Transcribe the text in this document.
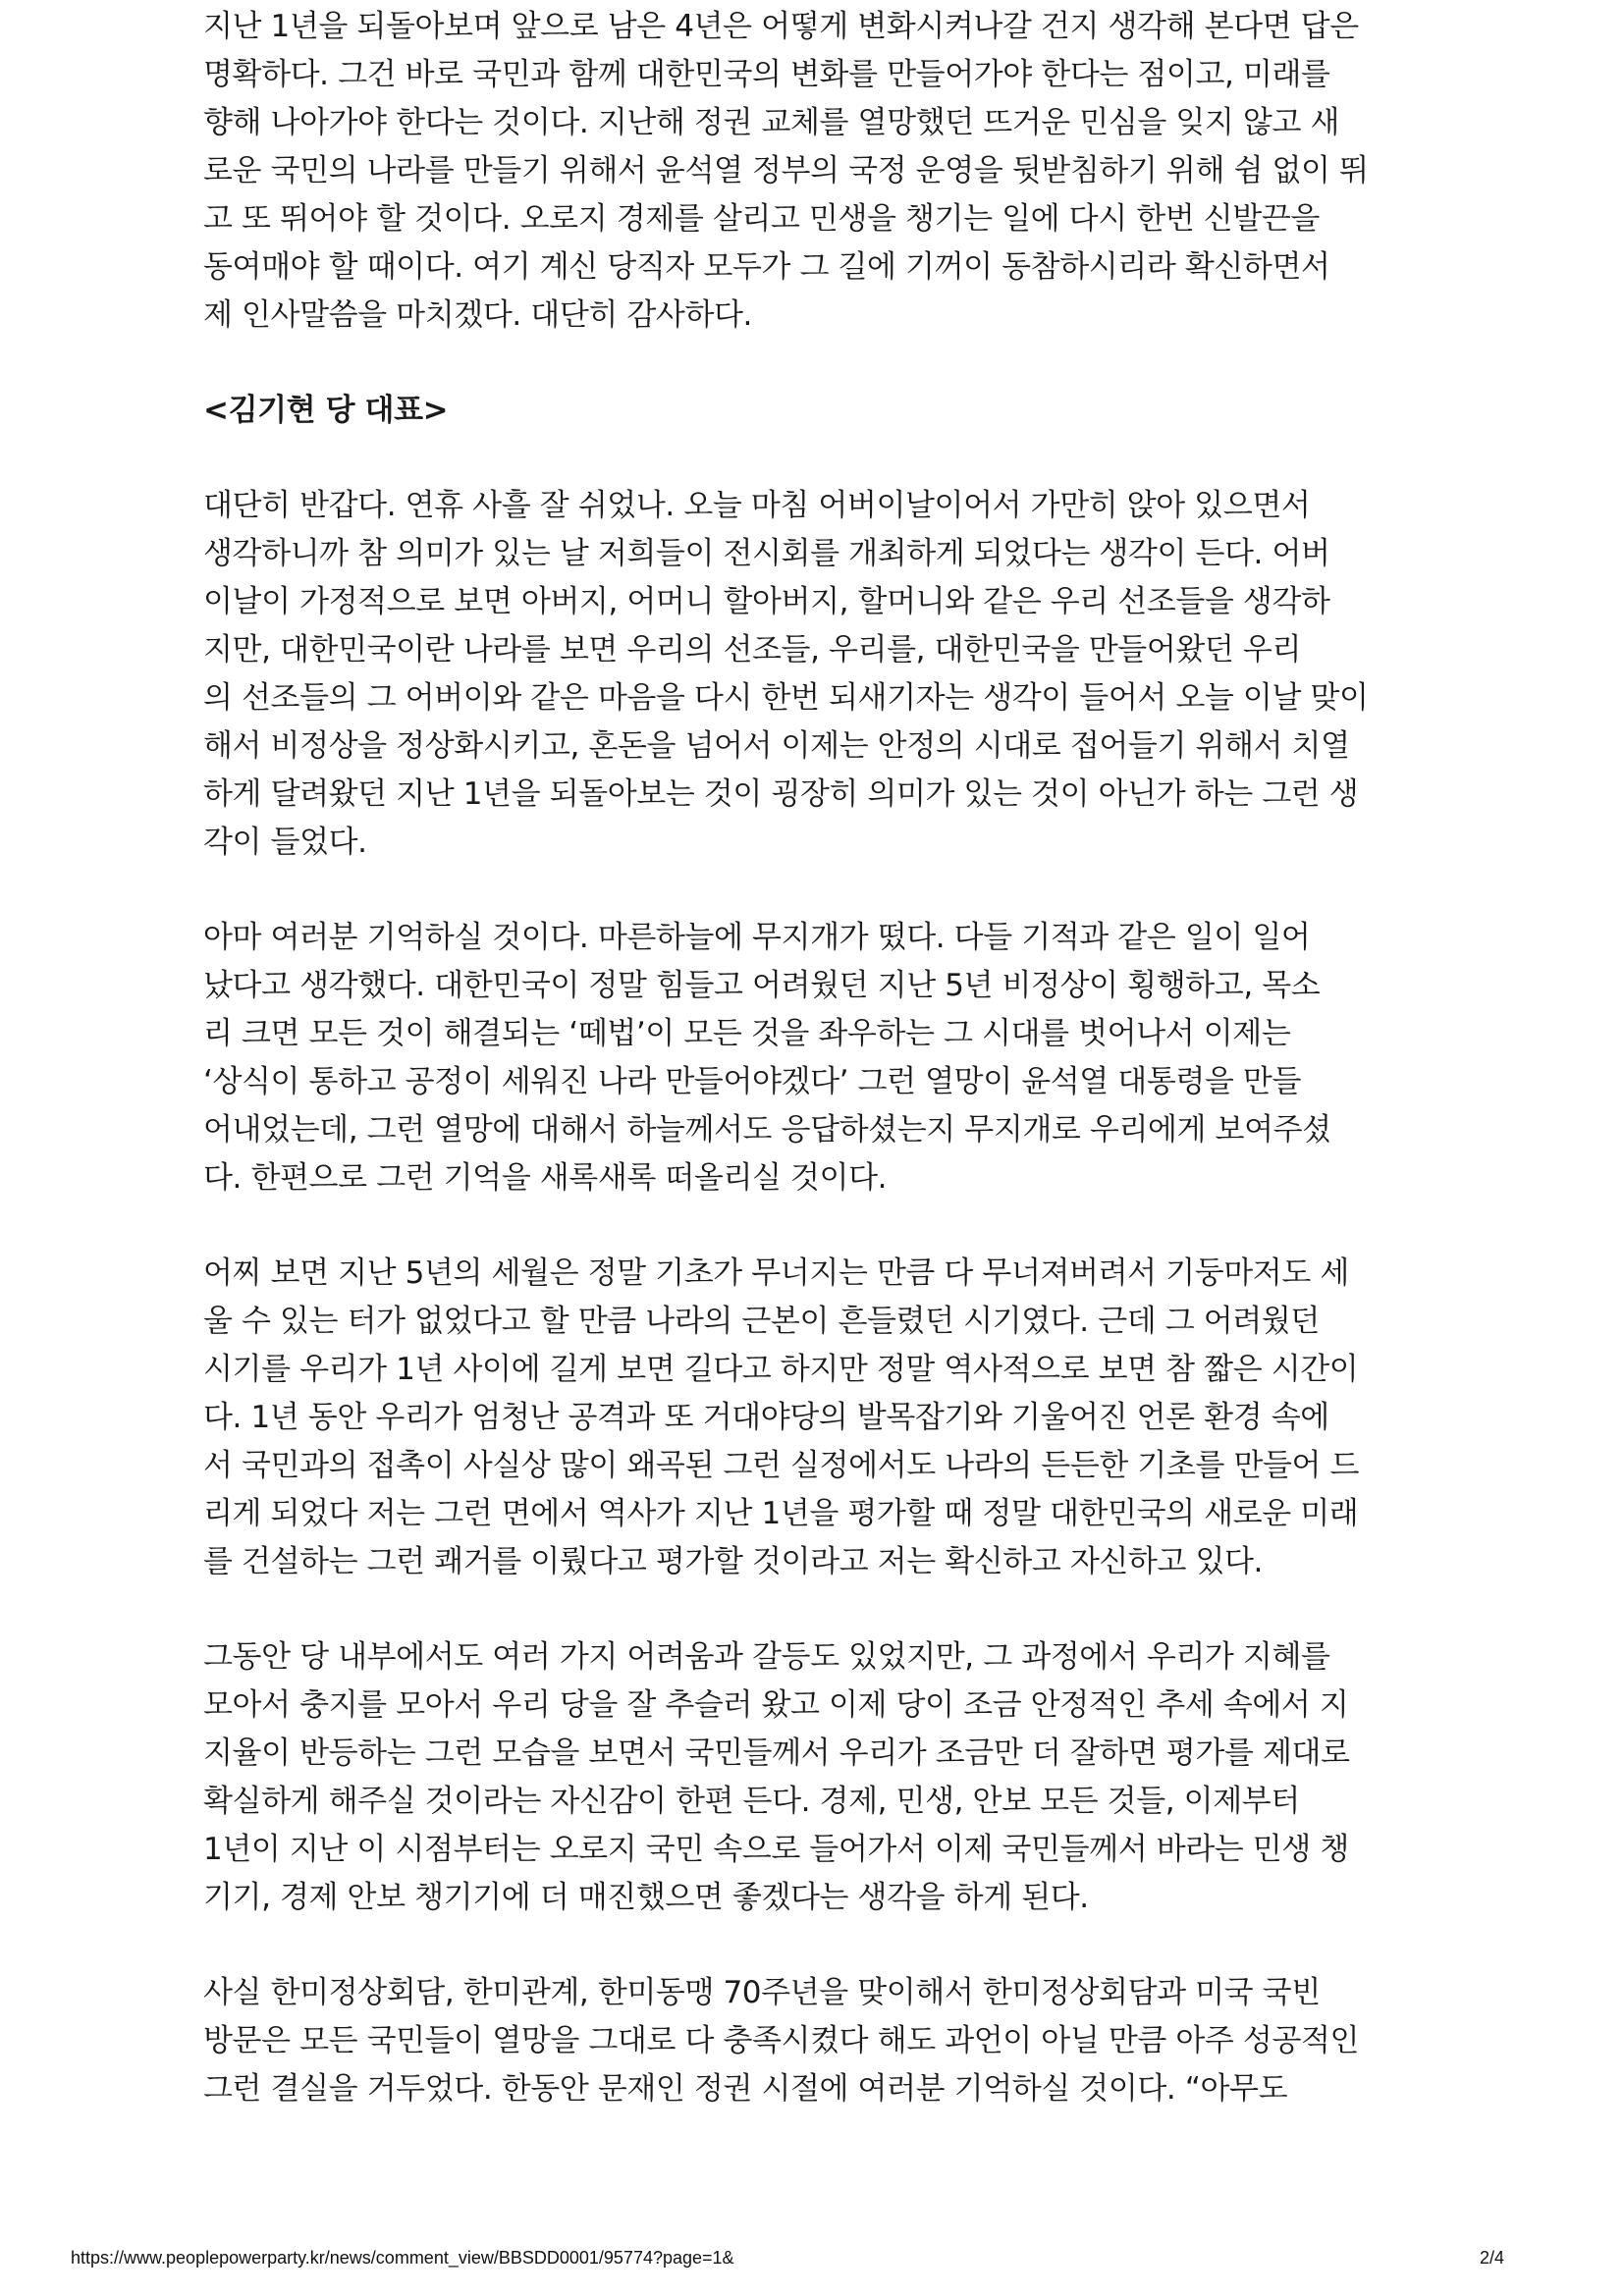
지난 1년을 되돌아보며 앞으로 남은 4년은 어떻게 변화시켜나갈 건지 생각해 본다면 답은
명확하다. 그건 바로 국민과 함께 대한민국의 변화를 만들어가야 한다는 점이고, 미래를
향해 나아가야 한다는 것이다. 지난해 정권 교체를 열망했던 뜨거운 민심을 잊지 않고 새
로운 국민의 나라를 만들기 위해서 윤석열 정부의 국정 운영을 뒷받침하기 위해 쉼 없이 뛰
고 또 뛰어야 할 것이다. 오로지 경제를 살리고 민생을 챙기는 일에 다시 한번 신발끈을
동여매야 할 때이다. 여기 계신 당직자 모두가 그 길에 기꺼이 동참하시리라 확신하면서
제 인사말씀을 마치겠다. 대단히 감사하다.
<김기현 당 대표>
대단히 반갑다. 연휴 사흘 잘 쉬었나. 오늘 마침 어버이날이어서 가만히 앉아 있으면서
생각하니까 참 의미가 있는 날 저희들이 전시회를 개최하게 되었다는 생각이 든다. 어버
이날이 가정적으로 보면 아버지, 어머니 할아버지, 할머니와 같은 우리 선조들을 생각하
지만, 대한민국이란 나라를 보면 우리의 선조들, 우리를, 대한민국을 만들어왔던 우리
의 선조들의 그 어버이와 같은 마음을 다시 한번 되새기자는 생각이 들어서 오늘 이날 맞이
해서 비정상을 정상화시키고, 혼돈을 넘어서 이제는 안정의 시대로 접어들기 위해서 치열
하게 달려왔던 지난 1년을 되돌아보는 것이 굉장히 의미가 있는 것이 아닌가 하는 그런 생
각이 들었다.
아마 여러분 기억하실 것이다. 마른하늘에 무지개가 떴다. 다들 기적과 같은 일이 일어
났다고 생각했다. 대한민국이 정말 힘들고 어려웠던 지난 5년 비정상이 횡행하고, 목소
리 크면 모든 것이 해결되는 ‘떼법’이 모든 것을 좌우하는 그 시대를 벗어나서 이제는
‘상식이 통하고 공정이 세워진 나라 만들어야겠다’ 그런 열망이 윤석열 대통령을 만들
어내었는데, 그런 열망에 대해서 하늘께서도 응답하셨는지 무지개로 우리에게 보여주셨
다. 한편으로 그런 기억을 새록새록 떠올리실 것이다.
어찌 보면 지난 5년의 세월은 정말 기초가 무너지는 만큼 다 무너져버려서 기둥마저도 세
울 수 있는 터가 없었다고 할 만큼 나라의 근본이 흔들렸던 시기였다. 근데 그 어려웠던
시기를 우리가 1년 사이에 길게 보면 길다고 하지만 정말 역사적으로 보면 참 짧은 시간이
다. 1년 동안 우리가 엄청난 공격과 또 거대야당의 발목잡기와 기울어진 언론 환경 속에
서 국민과의 접촉이 사실상 많이 왜곡된 그런 실정에서도 나라의 든든한 기초를 만들어 드
리게 되었다 저는 그런 면에서 역사가 지난 1년을 평가할 때 정말 대한민국의 새로운 미래
를 건설하는 그런 쾌거를 이뤘다고 평가할 것이라고 저는 확신하고 자신하고 있다.
그동안 당 내부에서도 여러 가지 어려움과 갈등도 있었지만, 그 과정에서 우리가 지혜를
모아서 충지를 모아서 우리 당을 잘 추슬러 왔고 이제 당이 조금 안정적인 추세 속에서 지
지율이 반등하는 그런 모습을 보면서 국민들께서 우리가 조금만 더 잘하면 평가를 제대로
확실하게 해주실 것이라는 자신감이 한편 든다. 경제, 민생, 안보 모든 것들, 이제부터
1년이 지난 이 시점부터는 오로지 국민 속으로 들어가서 이제 국민들께서 바라는 민생 챙
기기, 경제 안보 챙기기에 더 매진했으면 좋겠다는 생각을 하게 된다.
사실 한미정상회담, 한미관계, 한미동맹 70주년을 맞이해서 한미정상회담과 미국 국빈
방문은 모든 국민들이 열망을 그대로 다 충족시켰다 해도 과언이 아닐 만큼 아주 성공적인
그런 결실을 거두었다. 한동안 문재인 정권 시절에 여러분 기억하실 것이다. “아무도
https://www.peoplepowerparty.kr/news/comment_view/BBSDD0001/95774?page=1&	2/4
